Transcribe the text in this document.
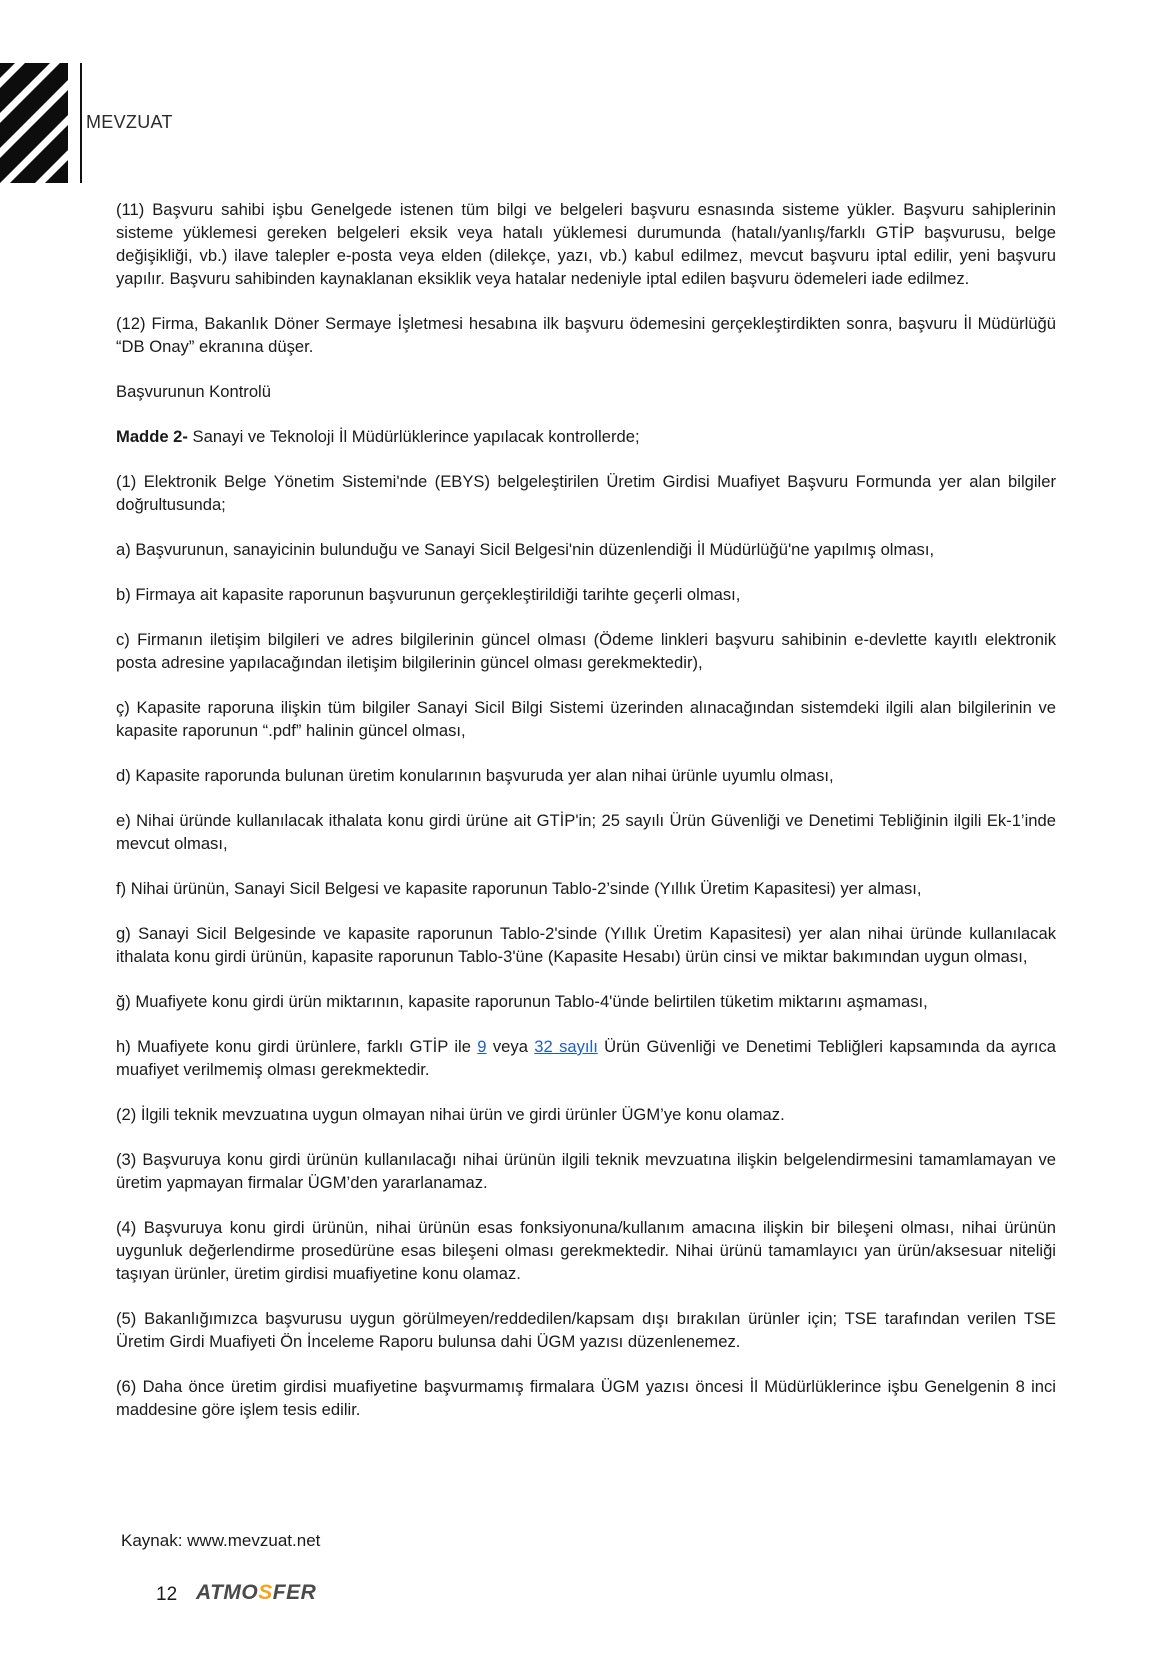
MEVZUAT

(11) Başvuru sahibi işbu Genelgede istenen tüm bilgi ve belgeleri başvuru esnasında sisteme yükler. Başvuru sahiplerinin sisteme yüklemesi gereken belgeleri eksik veya hatalı yüklemesi durumunda (hatalı/yanlış/farklı GTİP başvurusu, belge değişikliği, vb.) ilave talepler e-posta veya elden (dilekçe, yazı, vb.) kabul edilmez, mevcut başvuru iptal edilir, yeni başvuru yapılır. Başvuru sahibinden kaynaklanan eksiklik veya hatalar nedeniyle iptal edilen başvuru ödemeleri iade edilmez.

(12) Firma, Bakanlık Döner Sermaye İşletmesi hesabına ilk başvuru ödemesini gerçekleştirdikten sonra, başvuru İl Müdürlüğü “DB Onay” ekranına düşer.

Başvurunun Kontrolü

Madde 2- Sanayi ve Teknoloji İl Müdürlüklerince yapılacak kontrollerde;

(1) Elektronik Belge Yönetim Sistemi'nde (EBYS) belgeleştirilen Üretim Girdisi Muafiyet Başvuru Formunda yer alan bilgiler doğrultusunda;

a) Başvurunun, sanayicinin bulunduğu ve Sanayi Sicil Belgesi'nin düzenlendiği İl Müdürlüğü'ne yapılmış olması,

b) Firmaya ait kapasite raporunun başvurunun gerçekleştirildiği tarihte geçerli olması,

c) Firmanın iletişim bilgileri ve adres bilgilerinin güncel olması (Ödeme linkleri başvuru sahibinin e-devlette kayıtlı elektronik posta adresine yapılacağından iletişim bilgilerinin güncel olması gerekmektedir),

ç) Kapasite raporuna ilişkin tüm bilgiler Sanayi Sicil Bilgi Sistemi üzerinden alınacağından sistemdeki ilgili alan bilgilerinin ve kapasite raporunun “.pdf” halinin güncel olması,

d) Kapasite raporunda bulunan üretim konularının başvuruda yer alan nihai ürünle uyumlu olması,

e) Nihai üründe kullanılacak ithalata konu girdi ürüne ait GTİP'in; 25 sayılı Ürün Güvenliği ve Denetimi Tebliğinin ilgili Ek-1’inde mevcut olması,

f) Nihai ürünün, Sanayi Sicil Belgesi ve kapasite raporunun Tablo-2’sinde (Yıllık Üretim Kapasitesi) yer alması,

g) Sanayi Sicil Belgesinde ve kapasite raporunun Tablo-2'sinde (Yıllık Üretim Kapasitesi) yer alan nihai üründe kullanılacak ithalata konu girdi ürünün, kapasite raporunun Tablo-3'üne (Kapasite Hesabı) ürün cinsi ve miktar bakımından uygun olması,

ğ) Muafiyete konu girdi ürün miktarının, kapasite raporunun Tablo-4'ünde belirtilen tüketim miktarını aşmaması,

h) Muafiyete konu girdi ürünlere, farklı GTİP ile 9 veya 32 sayılı Ürün Güvenliği ve Denetimi Tebliğleri kapsamında da ayrıca muafiyet verilmemiş olması gerekmektedir.

(2) İlgili teknik mevzuatına uygun olmayan nihai ürün ve girdi ürünler ÜGM’ye konu olamaz.

(3) Başvuruya konu girdi ürünün kullanılacağı nihai ürünün ilgili teknik mevzuatına ilişkin belgelendirmesini tamamlamayan ve üretim yapmayan firmalar ÜGM’den yararlanamaz.

(4) Başvuruya konu girdi ürünün, nihai ürünün esas fonksiyonuna/kullanım amacına ilişkin bir bileşeni olması, nihai ürünün uygunluk değerlendirme prosedürüne esas bileşeni olması gerekmektedir. Nihai ürünü tamamlayıcı yan ürün/aksesuar niteliği taşıyan ürünler, üretim girdisi muafiyetine konu olamaz.

(5) Bakanlığımızca başvurusu uygun görülmeyen/reddedilen/kapsam dışı bırakılan ürünler için; TSE tarafından verilen TSE Üretim Girdi Muafiyeti Ön İnceleme Raporu bulunsa dahi ÜGM yazısı düzenlenemez.

(6) Daha önce üretim girdisi muafiyetine başvurmamış firmalara ÜGM yazısı öncesi İl Müdürlüklerince işbu Genelgenin 8 inci maddesine göre işlem tesis edilir.

Kaynak: www.mevzuat.net
12 ATMOSFER
